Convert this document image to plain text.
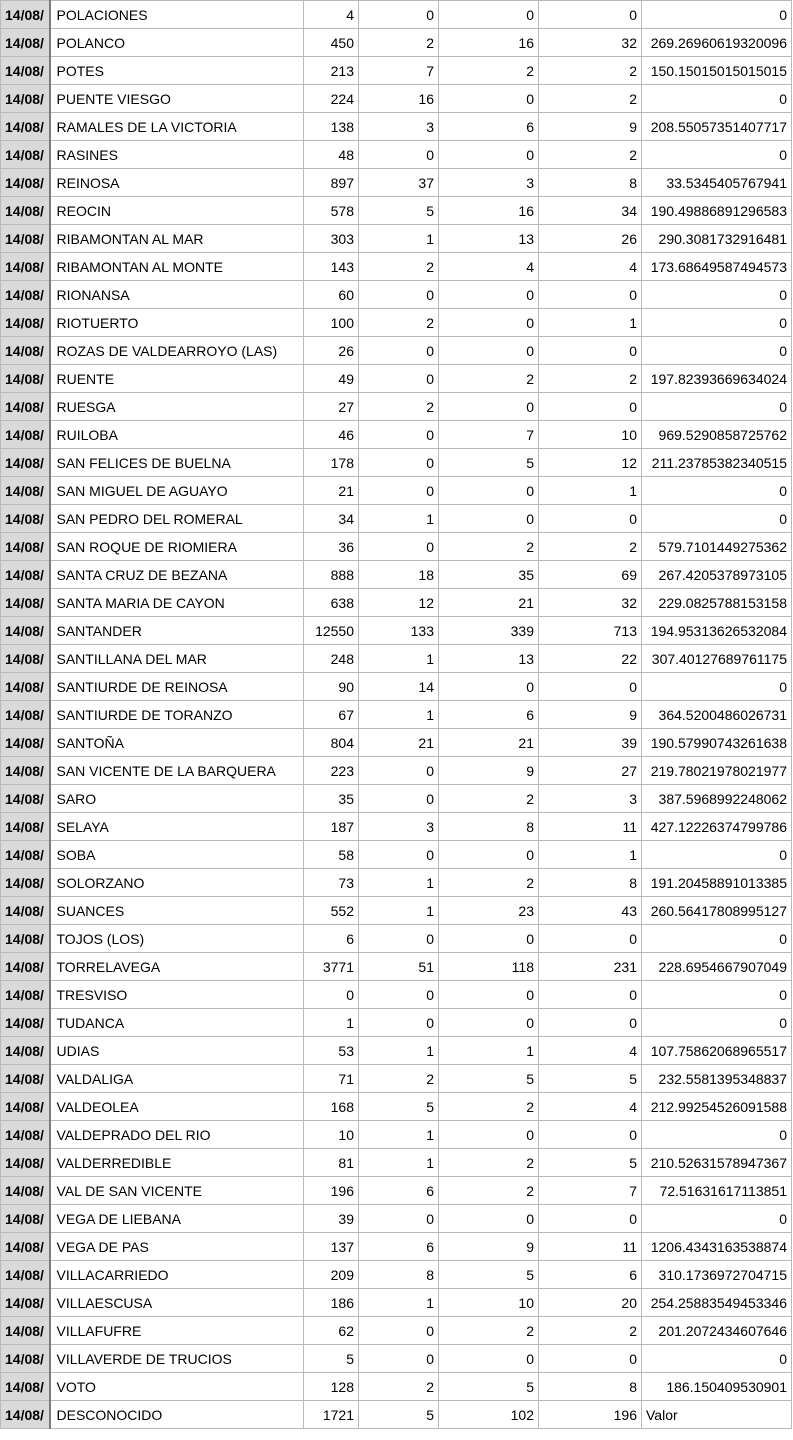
14/08/	POLACIONES	4	0	0	0	0
14/08/	POLANCO	450	2	16	32	269.26960619320096
14/08/	POTES	213	7	2	2	150.15015015015015
14/08/	PUENTE VIESGO	224	16	0	2	0
14/08/	RAMALES DE LA VICTORIA	138	3	6	9	208.55057351407717
14/08/	RASINES	48	0	0	2	0
14/08/	REINOSA	897	37	3	8	33.5345405767941
14/08/	REOCIN	578	5	16	34	190.49886891296583
14/08/	RIBAMONTAN AL MAR	303	1	13	26	290.3081732916481
14/08/	RIBAMONTAN AL MONTE	143	2	4	4	173.68649587494573
14/08/	RIONANSA	60	0	0	0	0
14/08/	RIOTUERTO	100	2	0	1	0
14/08/	ROZAS DE VALDEARROYO (LAS)	26	0	0	0	0
14/08/	RUENTE	49	0	2	2	197.82393669634024
14/08/	RUESGA	27	2	0	0	0
14/08/	RUILOBA	46	0	7	10	969.5290858725762
14/08/	SAN FELICES DE BUELNA	178	0	5	12	211.23785382340515
14/08/	SAN MIGUEL DE AGUAYO	21	0	0	1	0
14/08/	SAN PEDRO DEL ROMERAL	34	1	0	0	0
14/08/	SAN ROQUE DE RIOMIERA	36	0	2	2	579.7101449275362
14/08/	SANTA CRUZ DE BEZANA	888	18	35	69	267.4205378973105
14/08/	SANTA MARIA DE CAYON	638	12	21	32	229.0825788153158
14/08/	SANTANDER	12550	133	339	713	194.95313626532084
14/08/	SANTILLANA DEL MAR	248	1	13	22	307.40127689761175
14/08/	SANTIURDE DE REINOSA	90	14	0	0	0
14/08/	SANTIURDE DE TORANZO	67	1	6	9	364.5200486026731
14/08/	SANTOÑA	804	21	21	39	190.57990743261638
14/08/	SAN VICENTE DE LA BARQUERA	223	0	9	27	219.78021978021977
14/08/	SARO	35	0	2	3	387.5968992248062
14/08/	SELAYA	187	3	8	11	427.12226374799786
14/08/	SOBA	58	0	0	1	0
14/08/	SOLORZANO	73	1	2	8	191.20458891013385
14/08/	SUANCES	552	1	23	43	260.56417808995127
14/08/	TOJOS (LOS)	6	0	0	0	0
14/08/	TORRELAVEGA	3771	51	118	231	228.6954667907049
14/08/	TRESVISO	0	0	0	0	0
14/08/	TUDANCA	1	0	0	0	0
14/08/	UDIAS	53	1	1	4	107.75862068965517
14/08/	VALDALIGA	71	2	5	5	232.5581395348837
14/08/	VALDEOLEA	168	5	2	4	212.99254526091588
14/08/	VALDEPRADO DEL RIO	10	1	0	0	0
14/08/	VALDERREDIBLE	81	1	2	5	210.52631578947367
14/08/	VAL DE SAN VICENTE	196	6	2	7	72.51631617113851
14/08/	VEGA DE LIEBANA	39	0	0	0	0
14/08/	VEGA DE PAS	137	6	9	11	1206.4343163538874
14/08/	VILLACARRIEDO	209	8	5	6	310.1736972704715
14/08/	VILLAESCUSA	186	1	10	20	254.25883549453346
14/08/	VILLAFUFRE	62	0	2	2	201.2072434607646
14/08/	VILLAVERDE DE TRUCIOS	5	0	0	0	0
14/08/	VOTO	128	2	5	8	186.150409530901
14/08/	DESCONOCIDO	1721	5	102	196	Valor
